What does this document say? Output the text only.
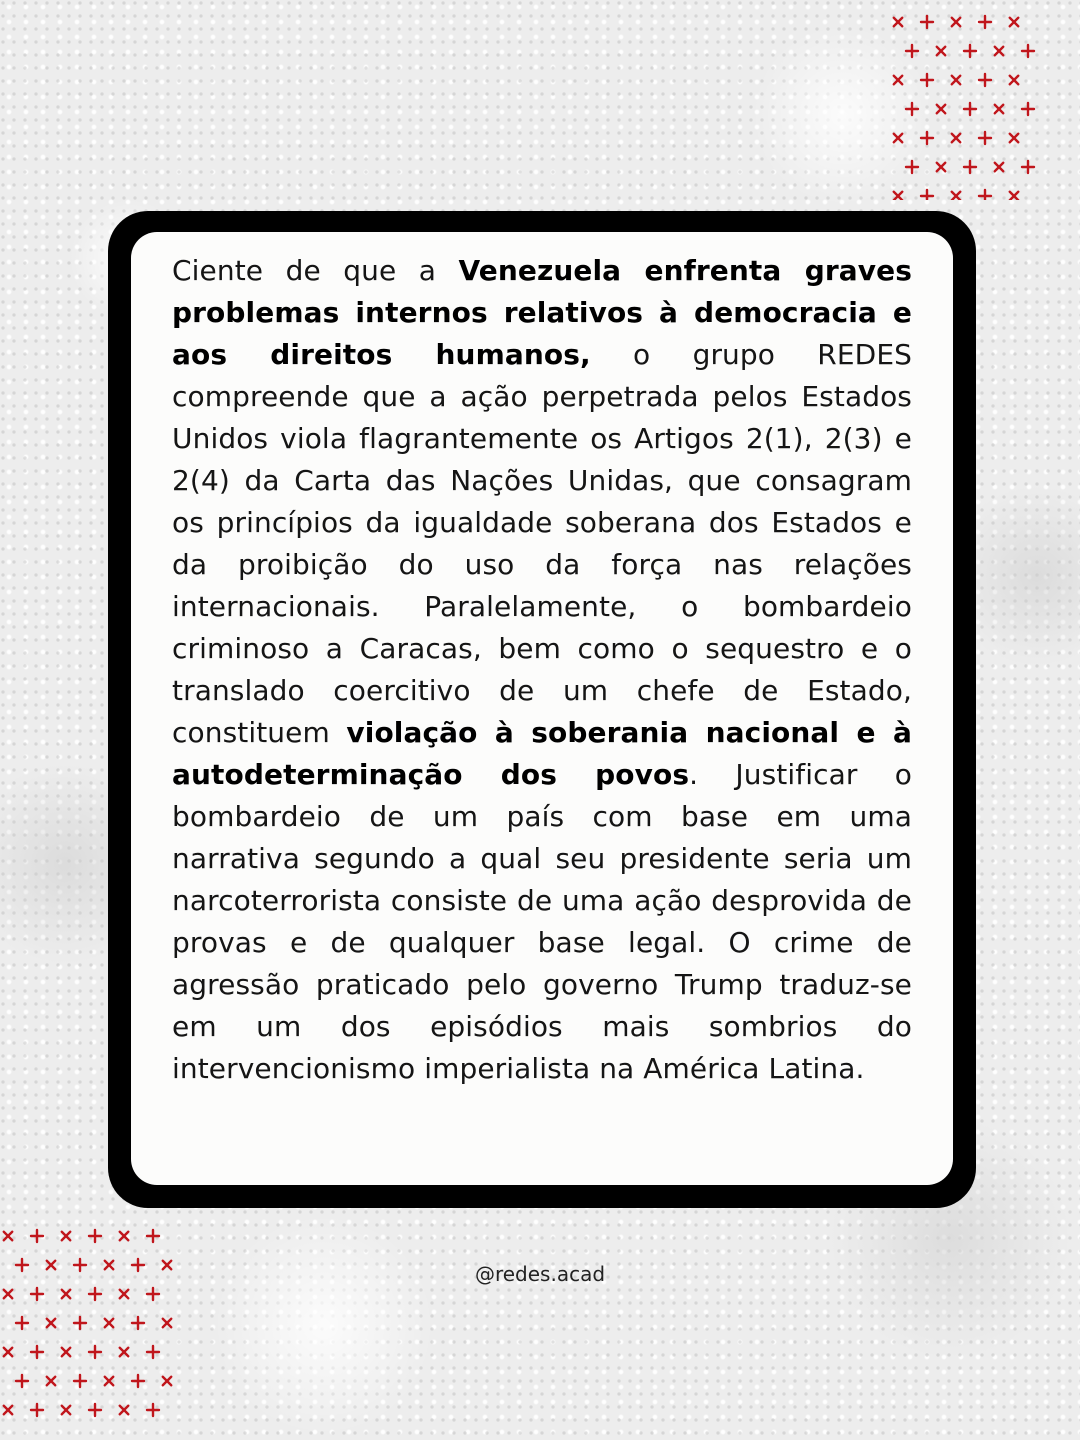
Ciente de que a Venezuela enfrenta graves problemas internos relativos à democracia e aos direitos humanos, o grupo REDES compreende que a ação perpetrada pelos Estados Unidos viola flagrantemente os Artigos 2(1), 2(3) e 2(4) da Carta das Nações Unidas, que consagram os princípios da igualdade soberana dos Estados e da proibição do uso da força nas relações internacionais. Paralelamente, o bombardeio criminoso a Caracas, bem como o sequestro e o translado coercitivo de um chefe de Estado, constituem violação à soberania nacional e à autodeterminação dos povos. Justificar o bombardeio de um país com base em uma narrativa segundo a qual seu presidente seria um narcoterrorista consiste de uma ação desprovida de provas e de qualquer base legal. O crime de agressão praticado pelo governo Trump traduz-se em um dos episódios mais sombrios do intervencionismo imperialista na América Latina.

@redes.acad
